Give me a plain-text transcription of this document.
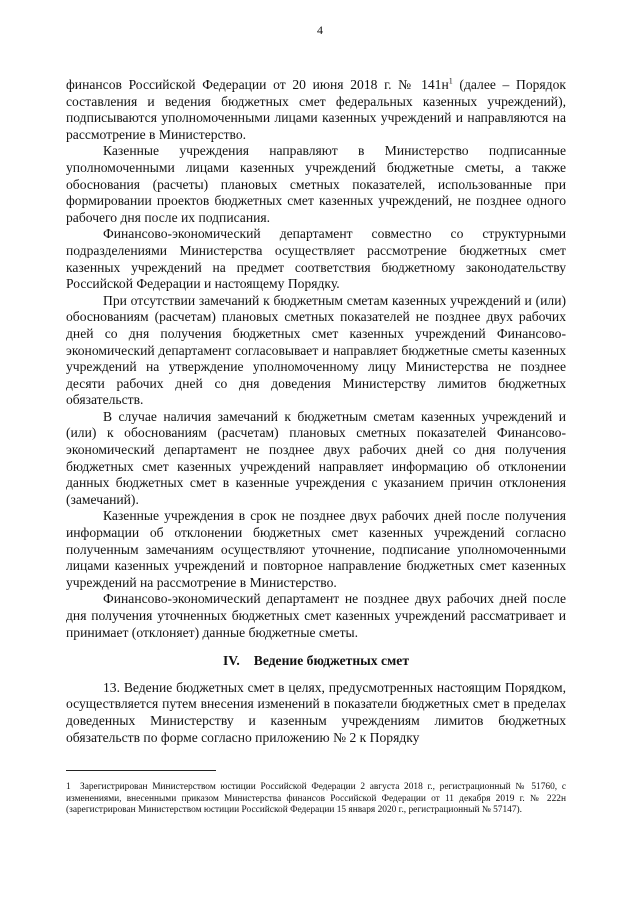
4

финансов Российской Федерации от 20 июня 2018 г. № $141н^1$ (далее – Порядок составления и ведения бюджетных смет федеральных казенных учреждений), подписываются уполномоченными лицами казенных учреждений и направляются на рассмотрение в Министерство.

Казенные учреждения направляют в Министерство подписанные уполномоченными лицами казенных учреждений бюджетные сметы, а также обоснования (расчеты) плановых сметных показателей, использованные при формировании проектов бюджетных смет казенных учреждений, не позднее одного рабочего дня после их подписания.

Финансово-экономический департамент совместно со структурными подразделениями Министерства осуществляет рассмотрение бюджетных смет казенных учреждений на предмет соответствия бюджетному законодательству Российской Федерации и настоящему Порядку.

При отсутствии замечаний к бюджетным сметам казенных учреждений и (или) обоснованиям (расчетам) плановых сметных показателей не позднее двух рабочих дней со дня получения бюджетных смет казенных учреждений Финансово-экономический департамент согласовывает и направляет бюджетные сметы казенных учреждений на утверждение уполномоченному лицу Министерства не позднее десяти рабочих дней со дня доведения Министерству лимитов бюджетных обязательств.

В случае наличия замечаний к бюджетным сметам казенных учреждений и (или) к обоснованиям (расчетам) плановых сметных показателей Финансово-экономический департамент не позднее двух рабочих дней со дня получения бюджетных смет казенных учреждений направляет информацию об отклонении данных бюджетных смет в казенные учреждения с указанием причин отклонения (замечаний).

Казенные учреждения в срок не позднее двух рабочих дней после получения информации об отклонении бюджетных смет казенных учреждений согласно полученным замечаниям осуществляют уточнение, подписание уполномоченными лицами казенных учреждений и повторное направление бюджетных смет казенных учреждений на рассмотрение в Министерство.

Финансово-экономический департамент не позднее двух рабочих дней после дня получения уточненных бюджетных смет казенных учреждений рассматривает и принимает (отклоняет) данные бюджетные сметы.

IV. Ведение бюджетных смет

13. Ведение бюджетных смет в целях, предусмотренных настоящим Порядком, осуществляется путем внесения изменений в показатели бюджетных смет в пределах доведенных Министерству и казенным учреждениям лимитов бюджетных обязательств по форме согласно приложению № 2 к Порядку

1 Зарегистрирован Министерством юстиции Российской Федерации 2 августа 2018 г., регистрационный № 51760, с изменениями, внесенными приказом Министерства финансов Российской Федерации от 11 декабря 2019 г. № 222н (зарегистрирован Министерством юстиции Российской Федерации 15 января 2020 г., регистрационный № 57147).
